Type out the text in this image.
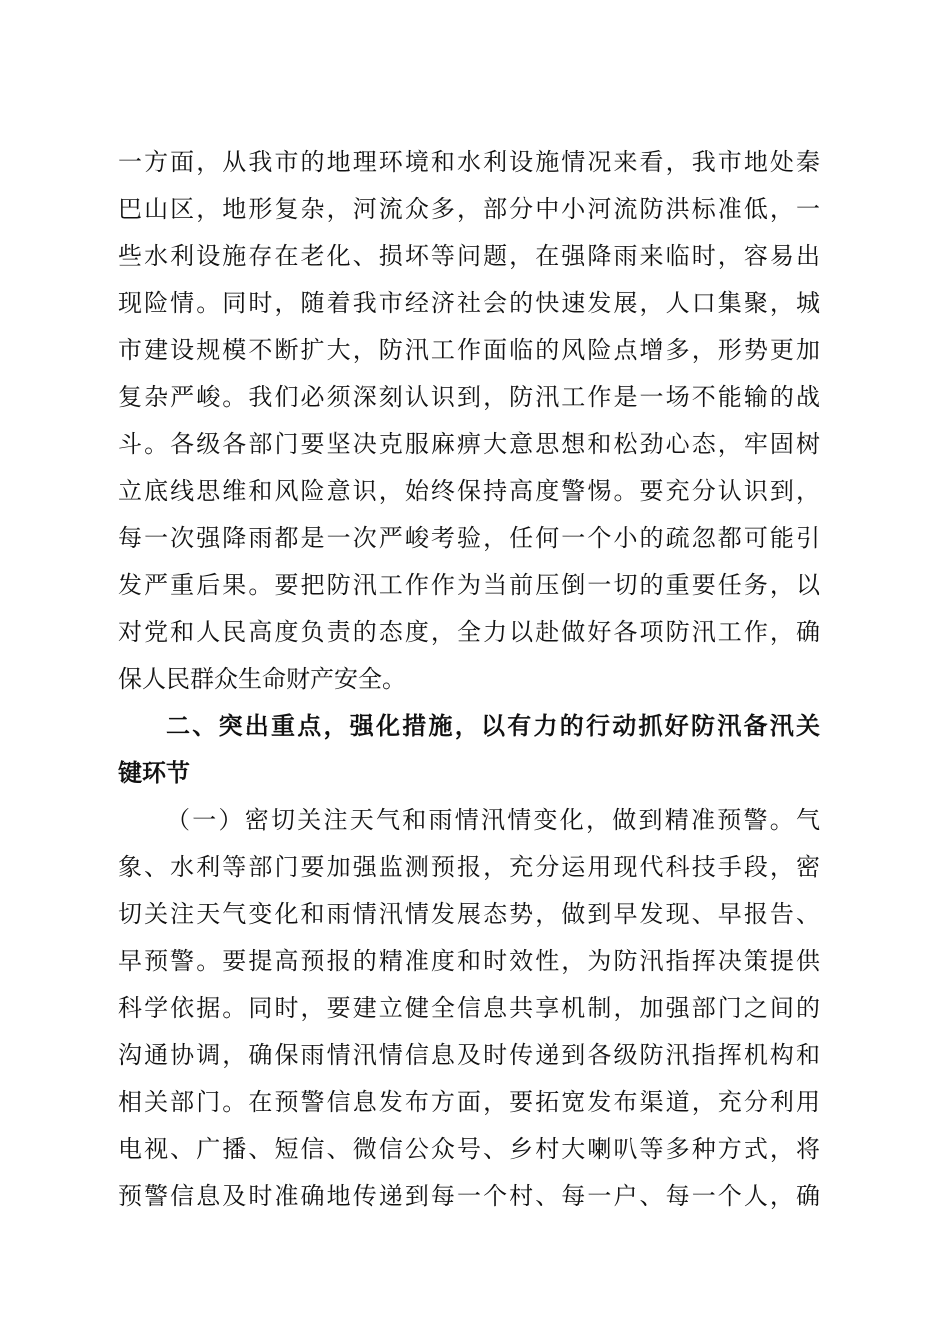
一方面，从我市的地理环境和水利设施情况来看，我市地处秦
巴山区，地形复杂，河流众多，部分中小河流防洪标准低，一
些水利设施存在老化、损坏等问题，在强降雨来临时，容易出
现险情。同时，随着我市经济社会的快速发展，人口集聚，城
市建设规模不断扩大，防汛工作面临的风险点增多，形势更加
复杂严峻。我们必须深刻认识到，防汛工作是一场不能输的战
斗。各级各部门要坚决克服麻痹大意思想和松劲心态，牢固树
立底线思维和风险意识，始终保持高度警惕。要充分认识到，
每一次强降雨都是一次严峻考验，任何一个小的疏忽都可能引
发严重后果。要把防汛工作作为当前压倒一切的重要任务，以
对党和人民高度负责的态度，全力以赴做好各项防汛工作，确
保人民群众生命财产安全。
二、突出重点，强化措施，以有力的行动抓好防汛备汛关
键环节
（一）密切关注天气和雨情汛情变化，做到精准预警。气
象、水利等部门要加强监测预报，充分运用现代科技手段，密
切关注天气变化和雨情汛情发展态势，做到早发现、早报告、
早预警。要提高预报的精准度和时效性，为防汛指挥决策提供
科学依据。同时，要建立健全信息共享机制，加强部门之间的
沟通协调，确保雨情汛情信息及时传递到各级防汛指挥机构和
相关部门。在预警信息发布方面，要拓宽发布渠道，充分利用
电视、广播、短信、微信公众号、乡村大喇叭等多种方式，将
预警信息及时准确地传递到每一个村、每一户、每一个人，确
